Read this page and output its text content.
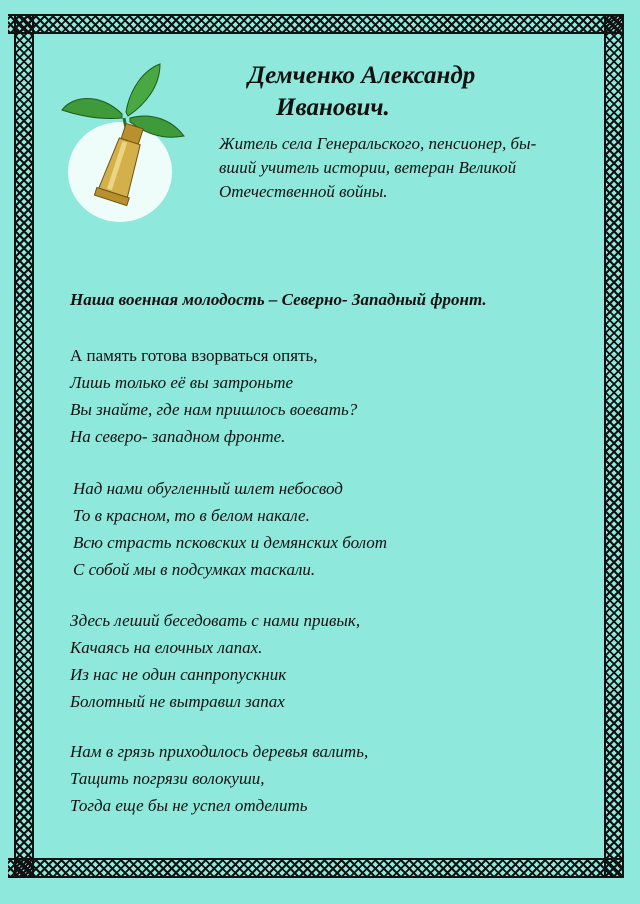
Демченко Александр
Иванович.
Житель села Генеральского, пенсионер, бы-
вший учитель истории, ветеран Великой
Отечественной войны.
Наша военная молодость – Северно- Западный фронт.
А память готова взорваться опять,
Лишь только её вы затроньте
Вы знайте, где нам пришлось воевать?
На северо- западном фронте.
Над нами обугленный шлет небосвод
То в красном, то в белом накале.
Всю страсть псковских и демянских болот
С собой мы в подсумках таскали.
Здесь леший беседовать с нами привык,
Качаясь на елочных лапах.
Из нас не один санпропускник
Болотный не вытравил запах
Нам в грязь приходилось деревья валить,
Тащить погрязи волокуши,
Тогда еще бы не успел отделить
